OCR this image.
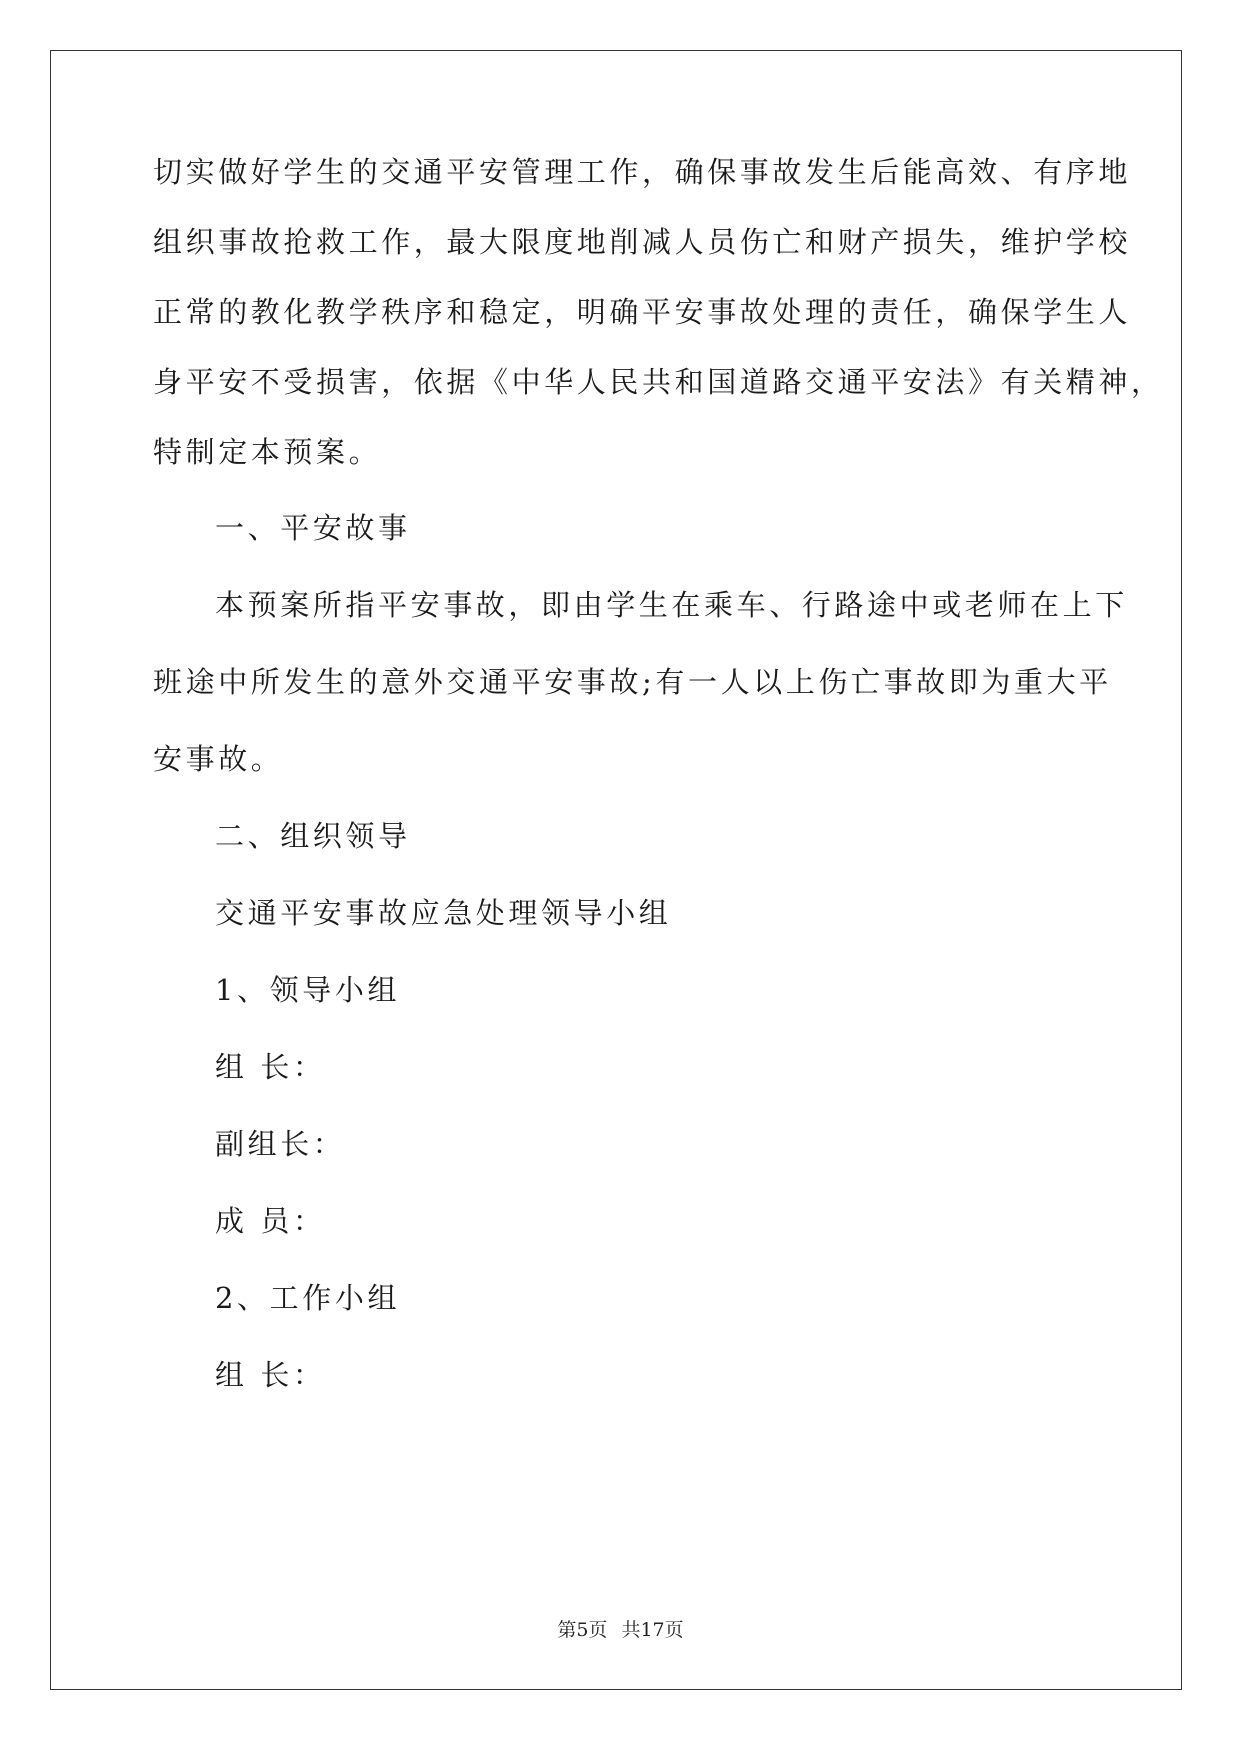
切实做好学生的交通平安管理工作，确保事故发生后能高效、有序地
组织事故抢救工作，最大限度地削减人员伤亡和财产损失，维护学校
正常的教化教学秩序和稳定，明确平安事故处理的责任，确保学生人
身平安不受损害，依据《中华人民共和国道路交通平安法》有关精神，
特制定本预案。
一、平安故事
本预案所指平安事故，即由学生在乘车、行路途中或老师在上下
班途中所发生的意外交通平安事故;有一人以上伤亡事故即为重大平
安事故。
二、组织领导
交通平安事故应急处理领导小组
1、领导小组
组 长：
副组长：
成 员：
2、工作小组
组 长：
第5页 共17页
